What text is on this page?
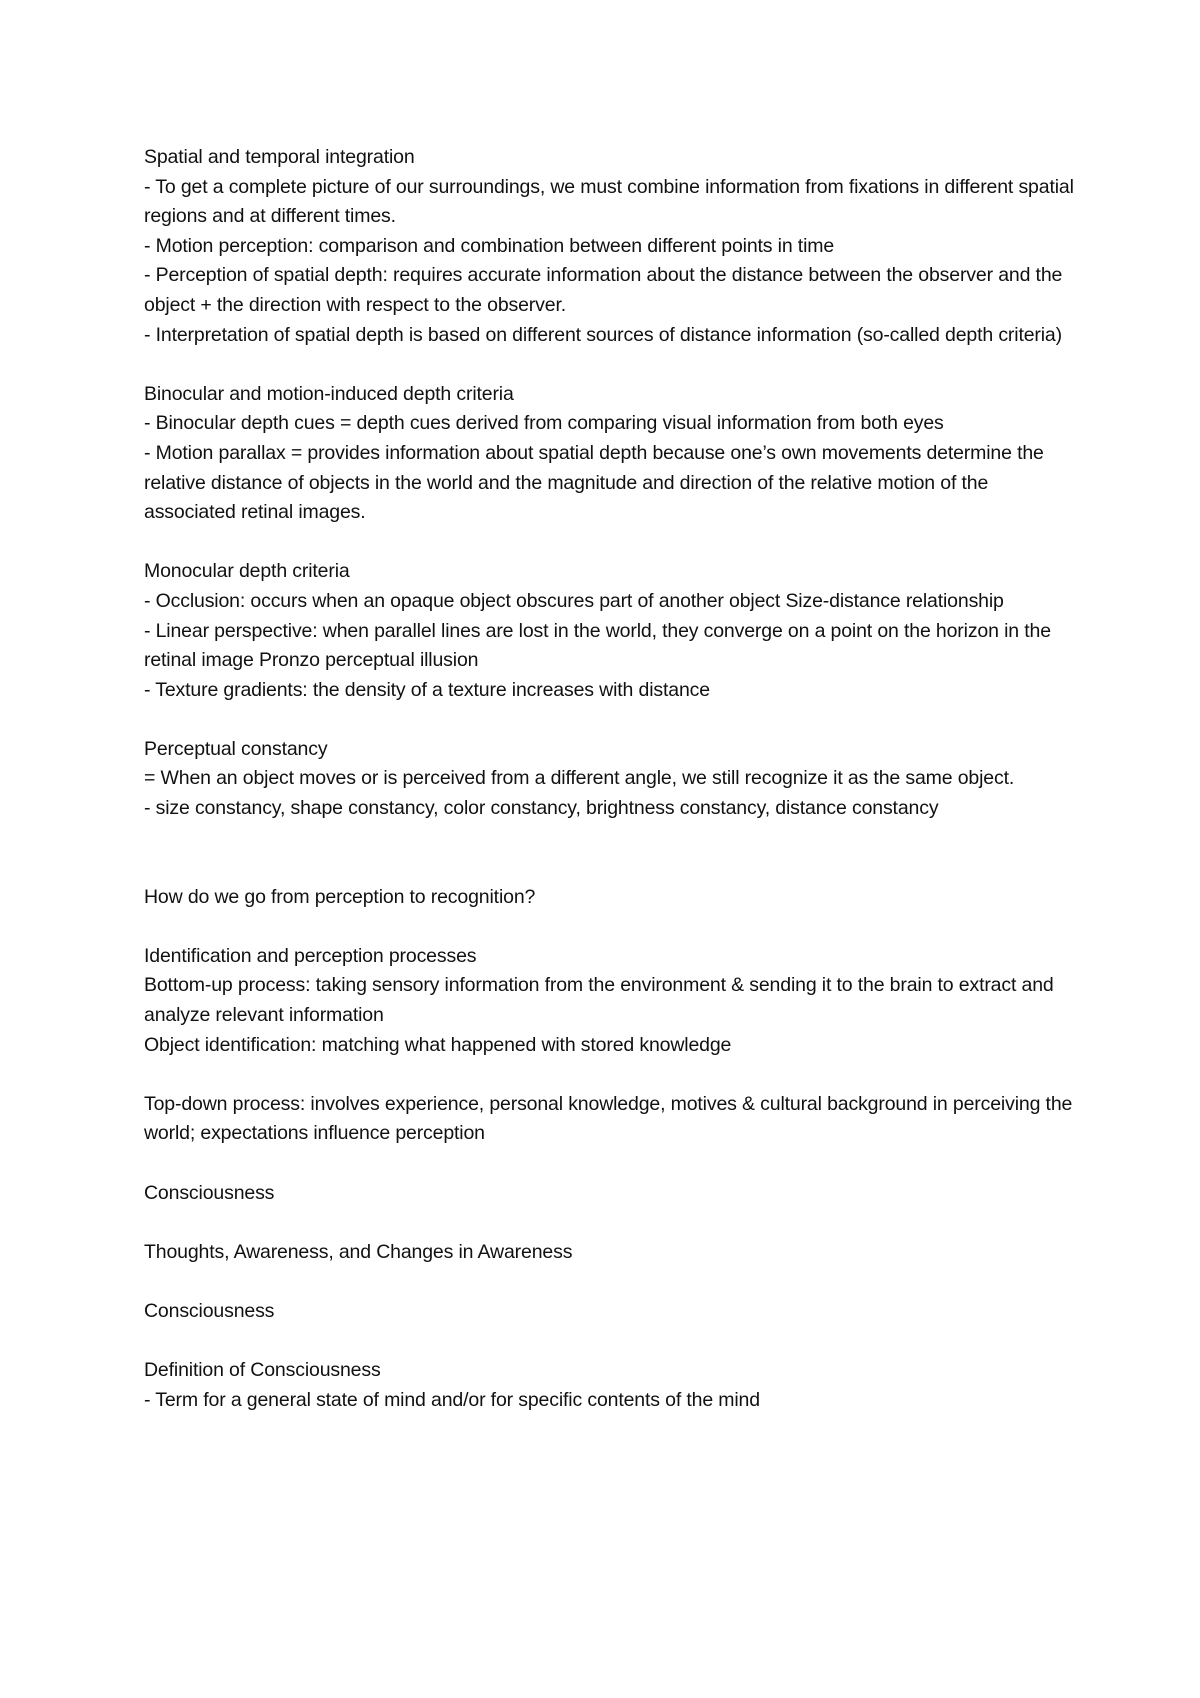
Spatial and temporal integration
- To get a complete picture of our surroundings, we must combine information from fixations in different spatial regions and at different times.
- Motion perception: comparison and combination between different points in time
- Perception of spatial depth: requires accurate information about the distance between the observer and the object + the direction with respect to the observer.
- Interpretation of spatial depth is based on different sources of distance information (so-called depth criteria)
Binocular and motion-induced depth criteria
- Binocular depth cues = depth cues derived from comparing visual information from both eyes
- Motion parallax = provides information about spatial depth because one’s own movements determine the relative distance of objects in the world and the magnitude and direction of the relative motion of the associated retinal images.
Monocular depth criteria
- Occlusion: occurs when an opaque object obscures part of another object Size-distance relationship
- Linear perspective: when parallel lines are lost in the world, they converge on a point on the horizon in the retinal image Pronzo perceptual illusion
- Texture gradients: the density of a texture increases with distance
Perceptual constancy
= When an object moves or is perceived from a different angle, we still recognize it as the same object.
- size constancy, shape constancy, color constancy, brightness constancy, distance constancy
How do we go from perception to recognition?
Identification and perception processes
Bottom-up process: taking sensory information from the environment & sending it to the brain to extract and analyze relevant information
Object identification: matching what happened with stored knowledge
Top-down process: involves experience, personal knowledge, motives & cultural background in perceiving the world; expectations influence perception
Consciousness
Thoughts, Awareness, and Changes in Awareness
Consciousness
Definition of Consciousness
- Term for a general state of mind and/or for specific contents of the mind
